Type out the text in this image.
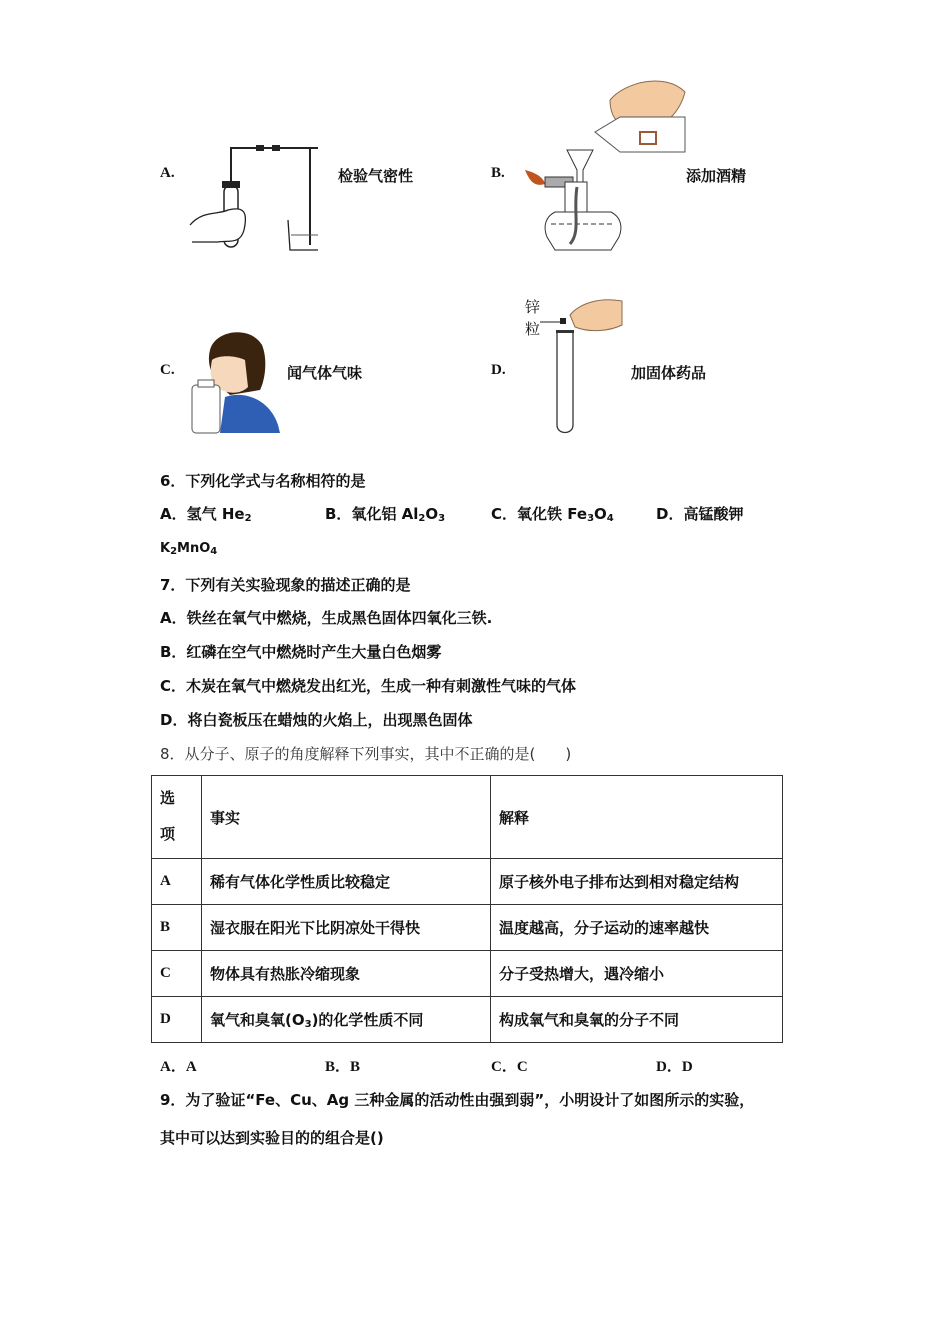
A.	检验气密性	B.	添加酒精
C.	闻气体气味	D.
锌粒
加固体药品
6．下列化学式与名称相符的是
A．氢气 $He_2$	B．氧化铝 $Al_2O_3$	C．氧化铁 $Fe_3O_4$	D．高锰酸钾
$K_2MnO_4$
7．下列有关实验现象的描述正确的是
A．铁丝在氧气中燃烧，生成黑色固体四氧化三铁.
B．红磷在空气中燃烧时产生大量白色烟雾
C．木炭在氧气中燃烧发出红光，生成一种有刺激性气味的气体
D．将白瓷板压在蜡烛的火焰上，出现黑色固体
8．从分子、原子的角度解释下列事实，其中不正确的是(　　)
选
项	事实	解释
A	稀有气体化学性质比较稳定	原子核外电子排布达到相对稳定结构
B	湿衣服在阳光下比阴凉处干得快	温度越高，分子运动的速率越快
C	物体具有热胀冷缩现象	分子受热增大，遇冷缩小
D	氧气和臭氧$(O_3)$的化学性质不同	构成氧气和臭氧的分子不同
A．A	B．B	C．C	D．D
9．为了验证“Fe、Cu、Ag 三种金属的活动性由强到弱”，小明设计了如图所示的实验，
其中可以达到实验目的的组合是()
